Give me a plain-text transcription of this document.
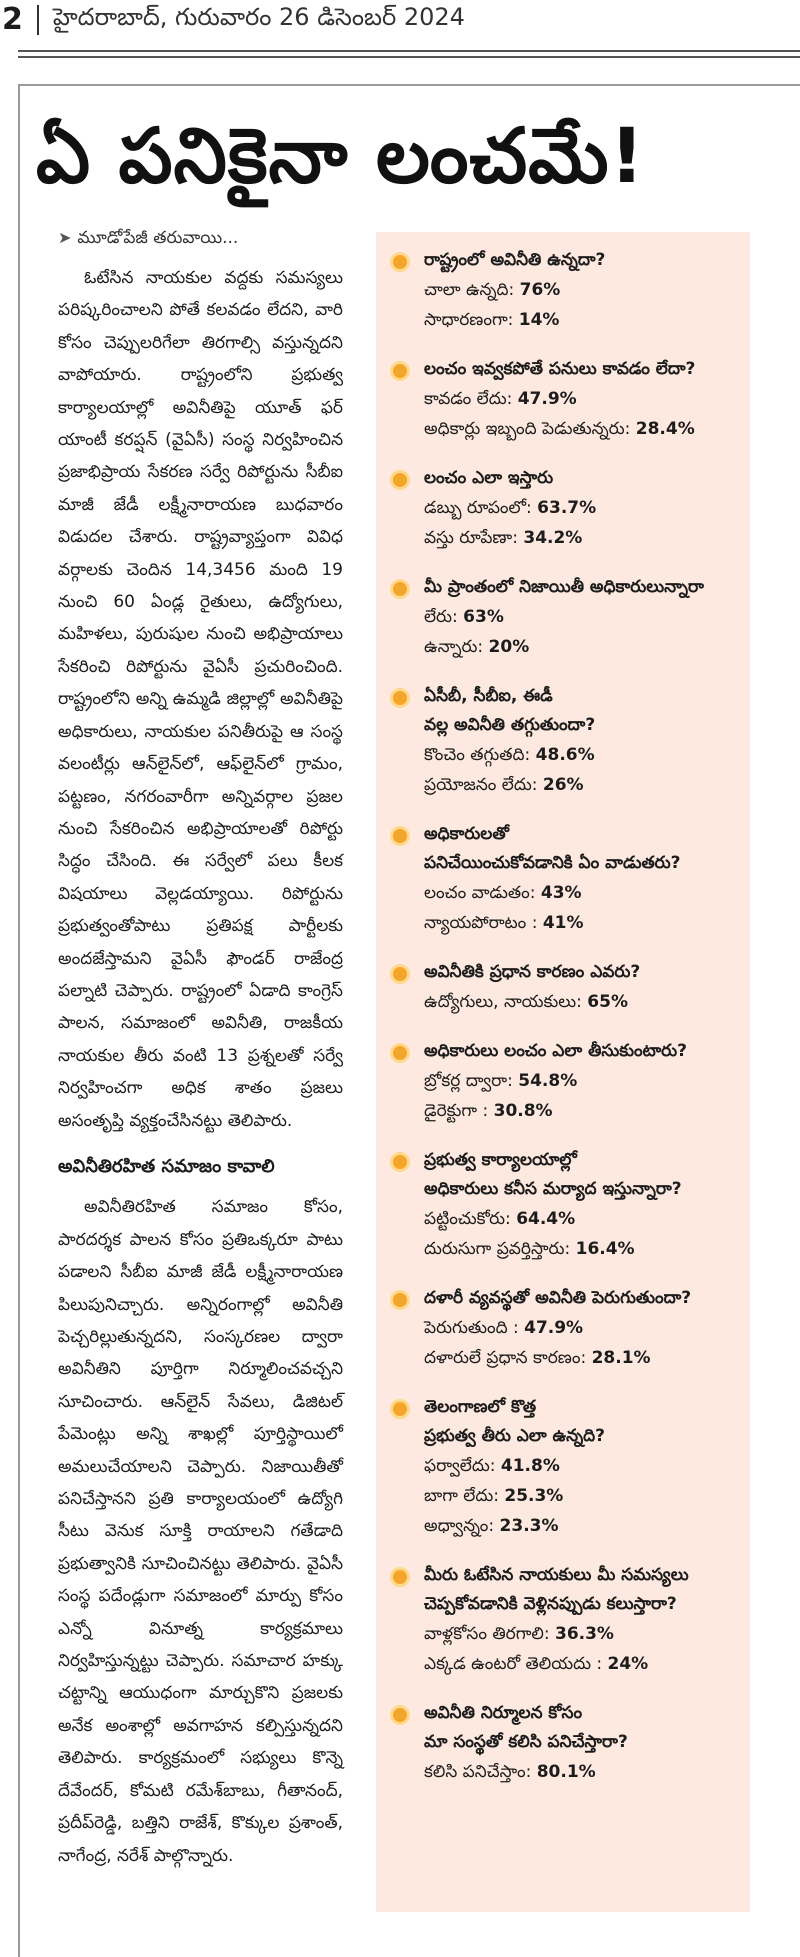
2 హైదరాబాద్, గురువారం 26 డిసెంబర్ 2024
ఏ పనికైనా లంచమే!
➤ మూడోపేజీ తరువాయి...

ఓటేసిన నాయకుల వద్దకు సమస్యలు పరిష్కరించాలని పోతే కలవడం లేదని, వారి కోసం చెప్పులరిగేలా తిరగాల్సి వస్తున్నదని వాపోయారు. రాష్ట్రంలోని ప్రభుత్వ కార్యాలయాల్లో అవినీతిపై యూత్ ఫర్ యాంటీ కరప్షన్ (వైఏసీ) సంస్థ నిర్వహించిన ప్రజాభిప్రాయ సేకరణ సర్వే రిపోర్టును సీబీఐ మాజీ జేడీ లక్ష్మీనారాయణ బుధవారం విడుదల చేశారు. రాష్ట్రవ్యాప్తంగా వివిధ వర్గాలకు చెందిన 14,3456 మంది 19 నుంచి 60 ఏండ్ల రైతులు, ఉద్యోగులు, మహిళలు, పురుషుల నుంచి అభిప్రాయాలు సేకరించి రిపోర్టును వైఏసీ ప్రచురించింది. రాష్ట్రంలోని అన్ని ఉమ్మడి జిల్లాల్లో అవినీతిపై అధికారులు, నాయకుల పనితీరుపై ఆ సంస్థ వలంటీర్లు ఆన్‌లైన్‌లో, ఆఫ్‌లైన్‌లో గ్రామం, పట్టణం, నగరంవారీగా అన్నివర్గాల ప్రజల నుంచి సేకరించిన అభిప్రాయాలతో రిపోర్టు సిద్ధం చేసింది. ఈ సర్వేలో పలు కీలక విషయాలు వెల్లడయ్యాయి. రిపోర్టును ప్రభుత్వంతోపాటు ప్రతిపక్ష పార్టీలకు అందజేస్తామని వైఏసీ ఫౌండర్ రాజేంద్ర పల్నాటి చెప్పారు. రాష్ట్రంలో ఏడాది కాంగ్రెస్ పాలన, సమాజంలో అవినీతి, రాజకీయ నాయకుల తీరు వంటి 13 ప్రశ్నలతో సర్వే నిర్వహించగా అధిక శాతం ప్రజలు అసంతృప్తి వ్యక్తంచేసినట్టు తెలిపారు.

అవినీతిరహిత సమాజం కావాలి

అవినీతిరహిత సమాజం కోసం, పారదర్శక పాలన కోసం ప్రతిఒక్కరూ పాటు పడాలని సీబీఐ మాజీ జేడీ లక్ష్మీనారాయణ పిలుపునిచ్చారు. అన్నిరంగాల్లో అవినీతి పెచ్చరిల్లుతున్నదని, సంస్కరణల ద్వారా అవినీతిని పూర్తిగా నిర్మూలించవచ్చని సూచించారు. ఆన్‌లైన్ సేవలు, డిజిటల్ పేమెంట్లు అన్ని శాఖల్లో పూర్తిస్థాయిలో అమలుచేయాలని చెప్పారు. నిజాయితీతో పనిచేస్తానని ప్రతి కార్యాలయంలో ఉద్యోగి సీటు వెనుక సూక్తి రాయాలని గతేడాది ప్రభుత్వానికి సూచించినట్టు తెలిపారు. వైఏసీ సంస్థ పదేండ్లుగా సమాజంలో మార్పు కోసం ఎన్నో వినూత్న కార్యక్రమాలు నిర్వహిస్తున్నట్టు చెప్పారు. సమాచార హక్కు చట్టాన్ని ఆయుధంగా మార్చుకొని ప్రజలకు అనేక అంశాల్లో అవగాహన కల్పిస్తున్నదని తెలిపారు. కార్యక్రమంలో సభ్యులు కొన్నె దేవేందర్, కోమటి రమేశ్‌బాబు, గీతానంద్, ప్రదీప్‌రెడ్డి, బత్తిని రాజేశ్, కొక్కుల ప్రశాంత్, నాగేంద్ర, నరేశ్ పాల్గొన్నారు.

రాష్ట్రంలో అవినీతి ఉన్నదా?
చాలా ఉన్నది: 76%
సాధారణంగా: 14%
లంచం ఇవ్వకపోతే పనులు కావడం లేదా?
కావడం లేదు: 47.9%
అధికార్లు ఇబ్బంది పెడుతున్నరు: 28.4%
లంచం ఎలా ఇస్తారు
డబ్బు రూపంలో: 63.7%
వస్తు రూపేణా: 34.2%
మీ ప్రాంతంలో నిజాయితీ అధికారులున్నారా
లేరు: 63%
ఉన్నారు: 20%
ఏసీబీ, సీబీఐ, ఈడీ
వల్ల అవినీతి తగ్గుతుందా?
కొంచెం తగ్గుతది: 48.6%
ప్రయోజనం లేదు: 26%
అధికారులతో
పనిచేయించుకోవడానికి ఏం వాడుతరు?
లంచం వాడుతం: 43%
న్యాయపోరాటం : 41%
అవినీతికి ప్రధాన కారణం ఎవరు?
ఉద్యోగులు, నాయకులు: 65%
అధికారులు లంచం ఎలా తీసుకుంటారు?
బ్రోకర్ల ద్వారా: 54.8%
డైరెక్టుగా : 30.8%
ప్రభుత్వ కార్యాలయాల్లో
అధికారులు కనీస మర్యాద ఇస్తున్నారా?
పట్టించుకోరు: 64.4%
దురుసుగా ప్రవర్తిస్తారు: 16.4%
దళారీ వ్యవస్థతో అవినీతి పెరుగుతుందా?
పెరుగుతుంది : 47.9%
దళారులే ప్రధాన కారణం: 28.1%
తెలంగాణలో కొత్త
ప్రభుత్వ తీరు ఎలా ఉన్నది?
ఫర్వాలేదు: 41.8%
బాగా లేదు: 25.3%
అధ్వాన్నం: 23.3%
మీరు ఓటేసిన నాయకులు మీ సమస్యలు
చెప్పకోవడానికి వెళ్లినప్పుడు కలుస్తారా?
వాళ్లకోసం తిరగాలి: 36.3%
ఎక్కడ ఉంటరో తెలియదు : 24%
అవినీతి నిర్మూలన కోసం
మా సంస్థతో కలిసి పనిచేస్తారా?
కలిసి పనిచేస్తాం: 80.1%
